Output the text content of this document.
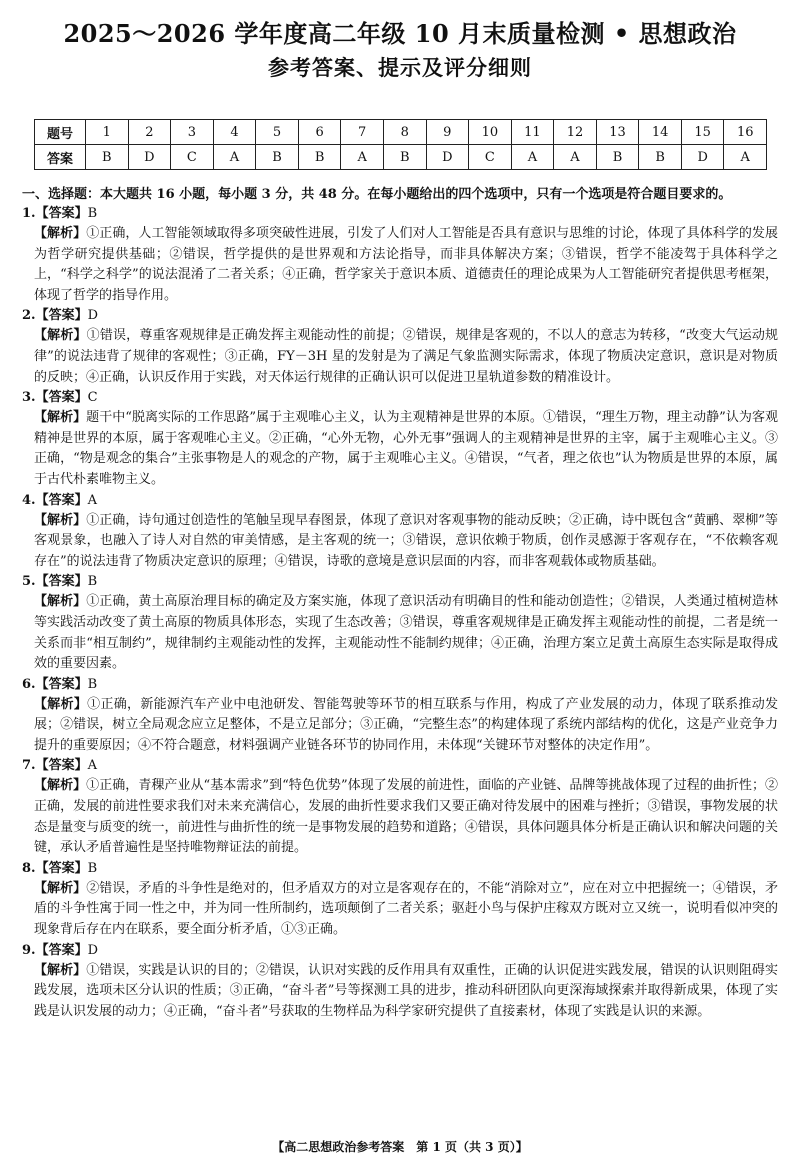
2025～2026 学年度高二年级 10 月末质量检测 • 思想政治
参考答案、提示及评分细则
题号	1	2	3	4	5	6	7	8	9	10	11	12	13	14	15	16
答案	B	D	C	A	B	B	A	B	D	C	A	A	B	B	D	A
一、选择题：本大题共 16 小题，每小题 3 分，共 48 分。在每小题给出的四个选项中，只有一个选项是符合题目要求的。

1.【答案】B

【解析】①正确，人工智能领域取得多项突破性进展，引发了人们对人工智能是否具有意识与思维的讨论，体现了具体科学的发展为哲学研究提供基础；②错误，哲学提供的是世界观和方法论指导，而非具体解决方案；③错误，哲学不能凌驾于具体科学之上，“科学之科学”的说法混淆了二者关系；④正确，哲学家关于意识本质、道德责任的理论成果为人工智能研究者提供思考框架，体现了哲学的指导作用。

2.【答案】D

【解析】①错误，尊重客观规律是正确发挥主观能动性的前提；②错误，规律是客观的，不以人的意志为转移，“改变大气运动规律”的说法违背了规律的客观性；③正确，FY－3H 星的发射是为了满足气象监测实际需求，体现了物质决定意识，意识是对物质的反映；④正确，认识反作用于实践，对天体运行规律的正确认识可以促进卫星轨道参数的精准设计。

3.【答案】C

【解析】题干中“脱离实际的工作思路”属于主观唯心主义，认为主观精神是世界的本原。①错误，“理生万物，理主动静”认为客观精神是世界的本原，属于客观唯心主义。②正确，“心外无物，心外无事”强调人的主观精神是世界的主宰，属于主观唯心主义。③正确，“物是观念的集合”主张事物是人的观念的产物，属于主观唯心主义。④错误，“气者，理之依也”认为物质是世界的本原，属于古代朴素唯物主义。

4.【答案】A

【解析】①正确，诗句通过创造性的笔触呈现早春图景，体现了意识对客观事物的能动反映；②正确，诗中既包含“黄鹂、翠柳”等客观景象，也融入了诗人对自然的审美情感，是主客观的统一；③错误，意识依赖于物质，创作灵感源于客观存在，“不依赖客观存在”的说法违背了物质决定意识的原理；④错误，诗歌的意境是意识层面的内容，而非客观载体或物质基础。

5.【答案】B

【解析】①正确，黄土高原治理目标的确定及方案实施，体现了意识活动有明确目的性和能动创造性；②错误，人类通过植树造林等实践活动改变了黄土高原的物质具体形态，实现了生态改善；③错误，尊重客观规律是正确发挥主观能动性的前提，二者是统一关系而非“相互制约”，规律制约主观能动性的发挥，主观能动性不能制约规律；④正确，治理方案立足黄土高原生态实际是取得成效的重要因素。

6.【答案】B

【解析】①正确，新能源汽车产业中电池研发、智能驾驶等环节的相互联系与作用，构成了产业发展的动力，体现了联系推动发展；②错误，树立全局观念应立足整体，不是立足部分；③正确，“完整生态”的构建体现了系统内部结构的优化，这是产业竞争力提升的重要原因；④不符合题意，材料强调产业链各环节的协同作用，未体现“关键环节对整体的决定作用”。

7.【答案】A

【解析】①正确，青稞产业从“基本需求”到“特色优势”体现了发展的前进性，面临的产业链、品牌等挑战体现了过程的曲折性；②正确，发展的前进性要求我们对未来充满信心，发展的曲折性要求我们又要正确对待发展中的困难与挫折；③错误，事物发展的状态是量变与质变的统一，前进性与曲折性的统一是事物发展的趋势和道路；④错误，具体问题具体分析是正确认识和解决问题的关键，承认矛盾普遍性是坚持唯物辩证法的前提。

8.【答案】B

【解析】②错误，矛盾的斗争性是绝对的，但矛盾双方的对立是客观存在的，不能“消除对立”，应在对立中把握统一；④错误，矛盾的斗争性寓于同一性之中，并为同一性所制约，选项颠倒了二者关系；驱赶小鸟与保护庄稼双方既对立又统一，说明看似冲突的现象背后存在内在联系，要全面分析矛盾，①③正确。

9.【答案】D

【解析】①错误，实践是认识的目的；②错误，认识对实践的反作用具有双重性，正确的认识促进实践发展，错误的认识则阻碍实践发展，选项未区分认识的性质；③正确，“奋斗者”号等探测工具的进步，推动科研团队向更深海域探索并取得新成果，体现了实践是认识发展的动力；④正确，“奋斗者”号获取的生物样品为科学家研究提供了直接素材，体现了实践是认识的来源。

【高二思想政治参考答案　第 1 页（共 3 页）】
